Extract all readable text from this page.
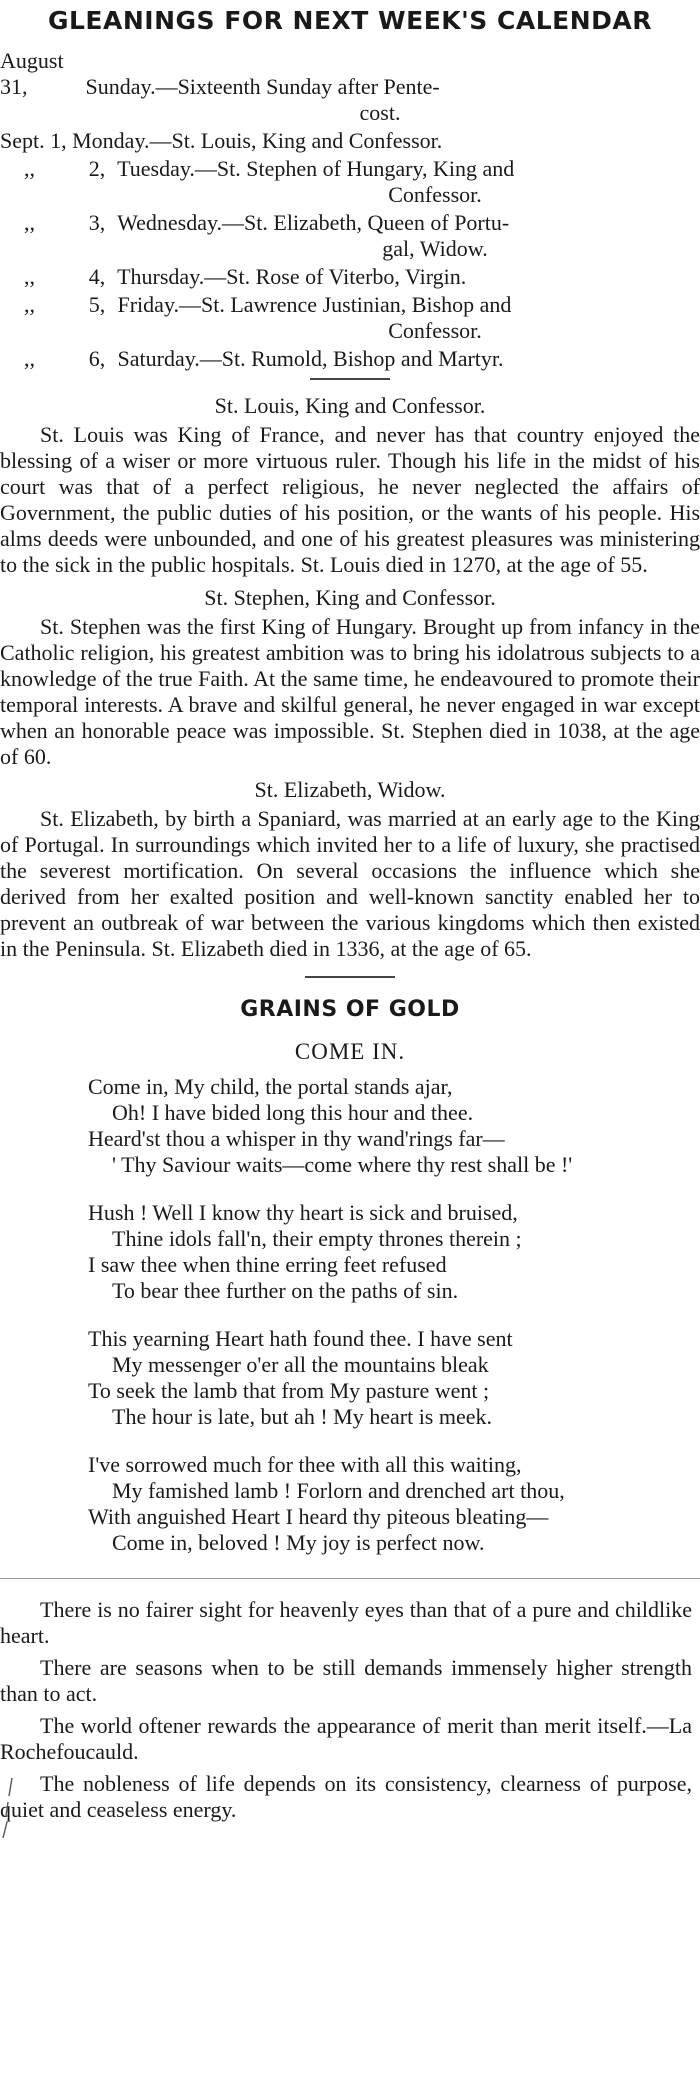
GLEANINGS FOR NEXT WEEK'S CALENDAR
August 31,	Sunday.—Sixteenth Sunday after Pente-
cost.
Sept. 1, Monday.—St. Louis, King and Confessor.
,, 2, Tuesday.—St. Stephen of Hungary, King and
Confessor.
,, 3, Wednesday.—St. Elizabeth, Queen of Portu-
gal, Widow.
,, 4, Thursday.—St. Rose of Viterbo, Virgin.
,, 5, Friday.—St. Lawrence Justinian, Bishop and
Confessor.
,, 6, Saturday.—St. Rumold, Bishop and Martyr.
St. Louis, King and Confessor.

St. Louis was King of France, and never has that country enjoyed the blessing of a wiser or more virtuous ruler. Though his life in the midst of his court was that of a perfect religious, he never neglected the affairs of Government, the public duties of his position, or the wants of his people. His alms deeds were unbounded, and one of his greatest pleasures was ministering to the sick in the public hospitals. St. Louis died in 1270, at the age of 55.

St. Stephen, King and Confessor.

St. Stephen was the first King of Hungary. Brought up from infancy in the Catholic religion, his greatest ambition was to bring his idolatrous subjects to a knowledge of the true Faith. At the same time, he endeavoured to promote their temporal interests. A brave and skilful general, he never engaged in war except when an honorable peace was impossible. St. Stephen died in 1038, at the age of 60.

St. Elizabeth, Widow.

St. Elizabeth, by birth a Spaniard, was married at an early age to the King of Portugal. In surroundings which invited her to a life of luxury, she practised the severest mortification. On several occasions the influence which she derived from her exalted position and well-known sanctity enabled her to prevent an outbreak of war between the various kingdoms which then existed in the Peninsula. St. Elizabeth died in 1336, at the age of 65.

GRAINS OF GOLD
COME IN.
Come in, My child, the portal stands ajar,
Oh! I have bided long this hour and thee.
Heard'st thou a whisper in thy wand'rings far—
' Thy Saviour waits—come where thy rest shall be !'
Hush ! Well I know thy heart is sick and bruised,
Thine idols fall'n, their empty thrones therein ;
I saw thee when thine erring feet refused
To bear thee further on the paths of sin.
This yearning Heart hath found thee. I have sent
My messenger o'er all the mountains bleak
To seek the lamb that from My pasture went ;
The hour is late, but ah ! My heart is meek.
I've sorrowed much for thee with all this waiting,
My famished lamb ! Forlorn and drenched art thou,
With anguished Heart I heard thy piteous bleating—
Come in, beloved ! My joy is perfect now.

There is no fairer sight for heavenly eyes than that of a pure and childlike heart.

There are seasons when to be still demands immensely higher strength than to act.

The world oftener rewards the appearance of merit than merit itself.—La Rochefoucauld.

The nobleness of life depends on its consistency, clearness of purpose, quiet and ceaseless energy.
